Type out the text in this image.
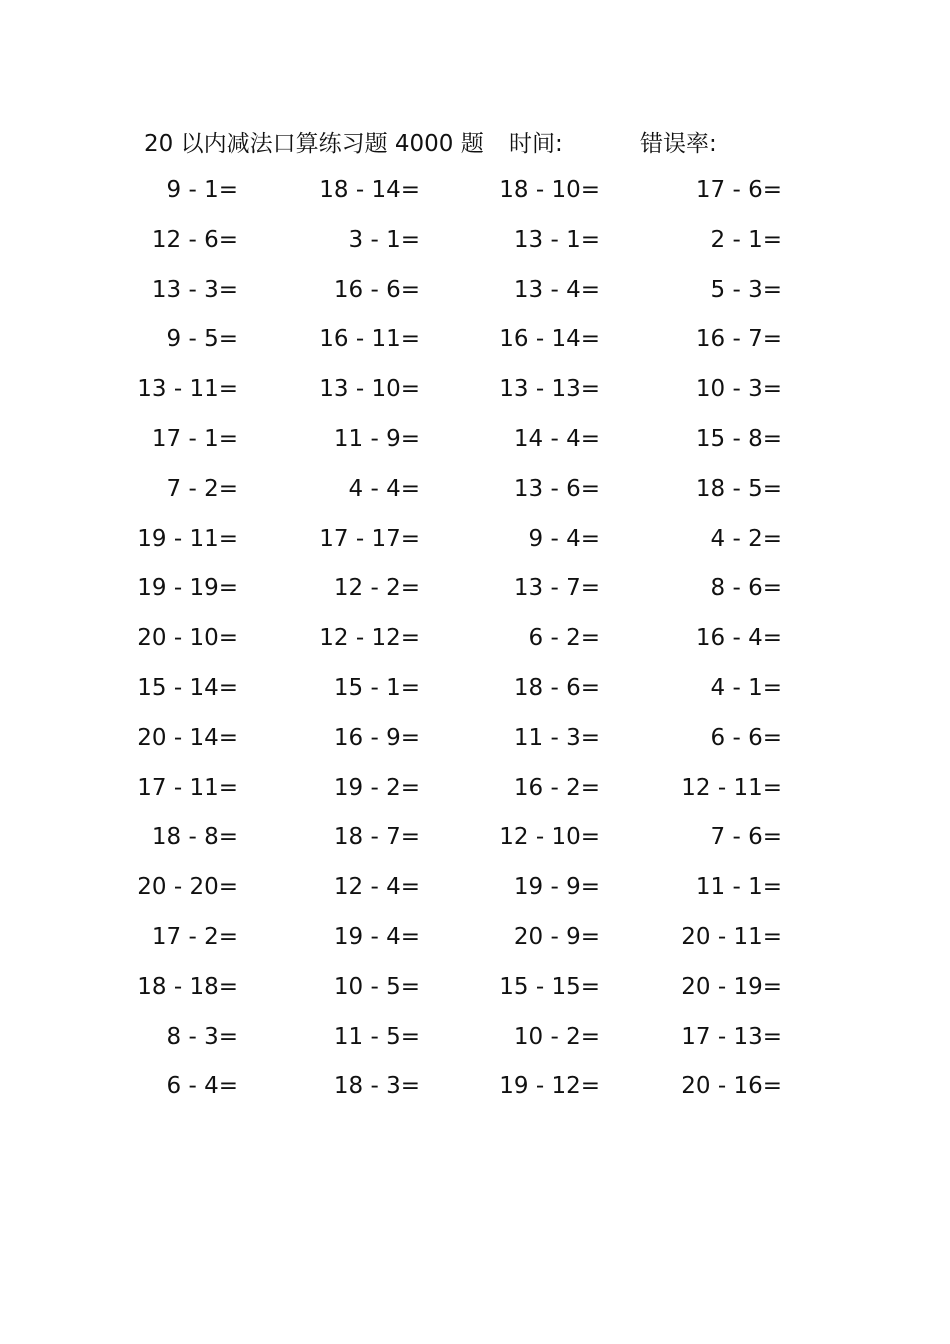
20 以内减法口算练习题 4000 题 时间:	错误率:
9 - 1=	18 - 14=	18 - 10=	17 - 6=
12 - 6=	3 - 1=	13 - 1=	2 - 1=
13 - 3=	16 - 6=	13 - 4=	5 - 3=
9 - 5=	16 - 11=	16 - 14=	16 - 7=
13 - 11=	13 - 10=	13 - 13=	10 - 3=
17 - 1=	11 - 9=	14 - 4=	15 - 8=
7 - 2=	4 - 4=	13 - 6=	18 - 5=
19 - 11=	17 - 17=	9 - 4=	4 - 2=
19 - 19=	12 - 2=	13 - 7=	8 - 6=
20 - 10=	12 - 12=	6 - 2=	16 - 4=
15 - 14=	15 - 1=	18 - 6=	4 - 1=
20 - 14=	16 - 9=	11 - 3=	6 - 6=
17 - 11=	19 - 2=	16 - 2=	12 - 11=
18 - 8=	18 - 7=	12 - 10=	7 - 6=
20 - 20=	12 - 4=	19 - 9=	11 - 1=
17 - 2=	19 - 4=	20 - 9=	20 - 11=
18 - 18=	10 - 5=	15 - 15=	20 - 19=
8 - 3=	11 - 5=	10 - 2=	17 - 13=
6 - 4=	18 - 3=	19 - 12=	20 - 16=
